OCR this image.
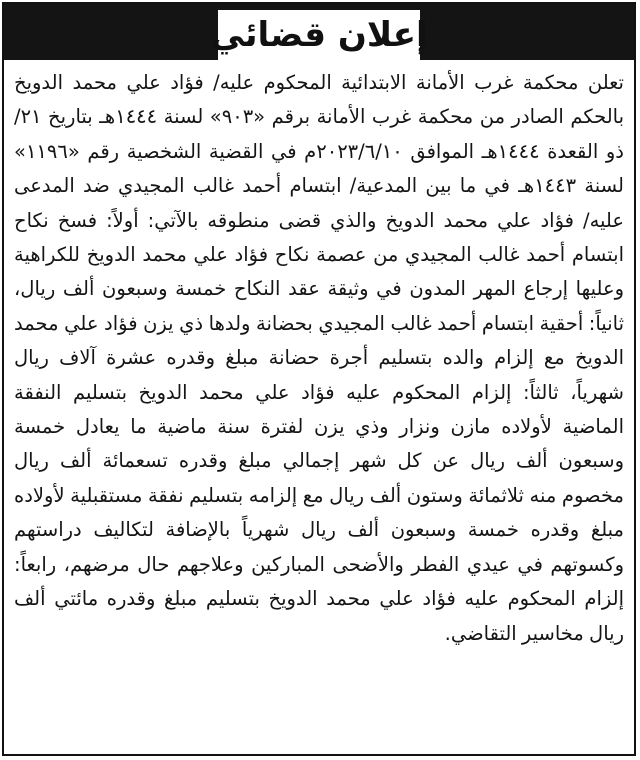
إعلان قضائي

تعلن محكمة غرب الأمانة الابتدائية المحكوم عليه/ فؤاد علي محمد الدويخ بالحكم الصادر من محكمة غرب الأمانة برقم «٩٠٣» لسنة ١٤٤٤هـ بتاريخ ٢١/ذو القعدة ١٤٤٤هـ الموافق ٢٠٢٣/٦/١٠م في القضية الشخصية رقم «١١٩٦» لسنة ١٤٤٣هـ في ما بين المدعية/ ابتسام أحمد غالب المجيدي ضد المدعى عليه/ فؤاد علي محمد الدويخ والذي قضى منطوقه بالآتي: أولاً: فسخ نكاح ابتسام أحمد غالب المجيدي من عصمة نكاح فؤاد علي محمد الدويخ للكراهية وعليها إرجاع المهر المدون في وثيقة عقد النكاح خمسة وسبعون ألف ريال، ثانياً: أحقية ابتسام أحمد غالب المجيدي بحضانة ولدها ذي يزن فؤاد علي محمد الدويخ مع إلزام والده بتسليم أجرة حضانة مبلغ وقدره عشرة آلاف ريال شهرياً، ثالثاً: إلزام المحكوم عليه فؤاد علي محمد الدويخ بتسليم النفقة الماضية لأولاده مازن ونزار وذي يزن لفترة سنة ماضية ما يعادل خمسة وسبعون ألف ريال عن كل شهر إجمالي مبلغ وقدره تسعمائة ألف ريال مخصوم منه ثلاثمائة وستون ألف ريال مع إلزامه بتسليم نفقة مستقبلية لأولاده مبلغ وقدره خمسة وسبعون ألف ريال شهرياً بالإضافة لتكاليف دراستهم وكسوتهم في عيدي الفطر والأضحى المباركين وعلاجهم حال مرضهم، رابعاً: إلزام المحكوم عليه فؤاد علي محمد الدويخ بتسليم مبلغ وقدره مائتي ألف ريال مخاسير التقاضي.
